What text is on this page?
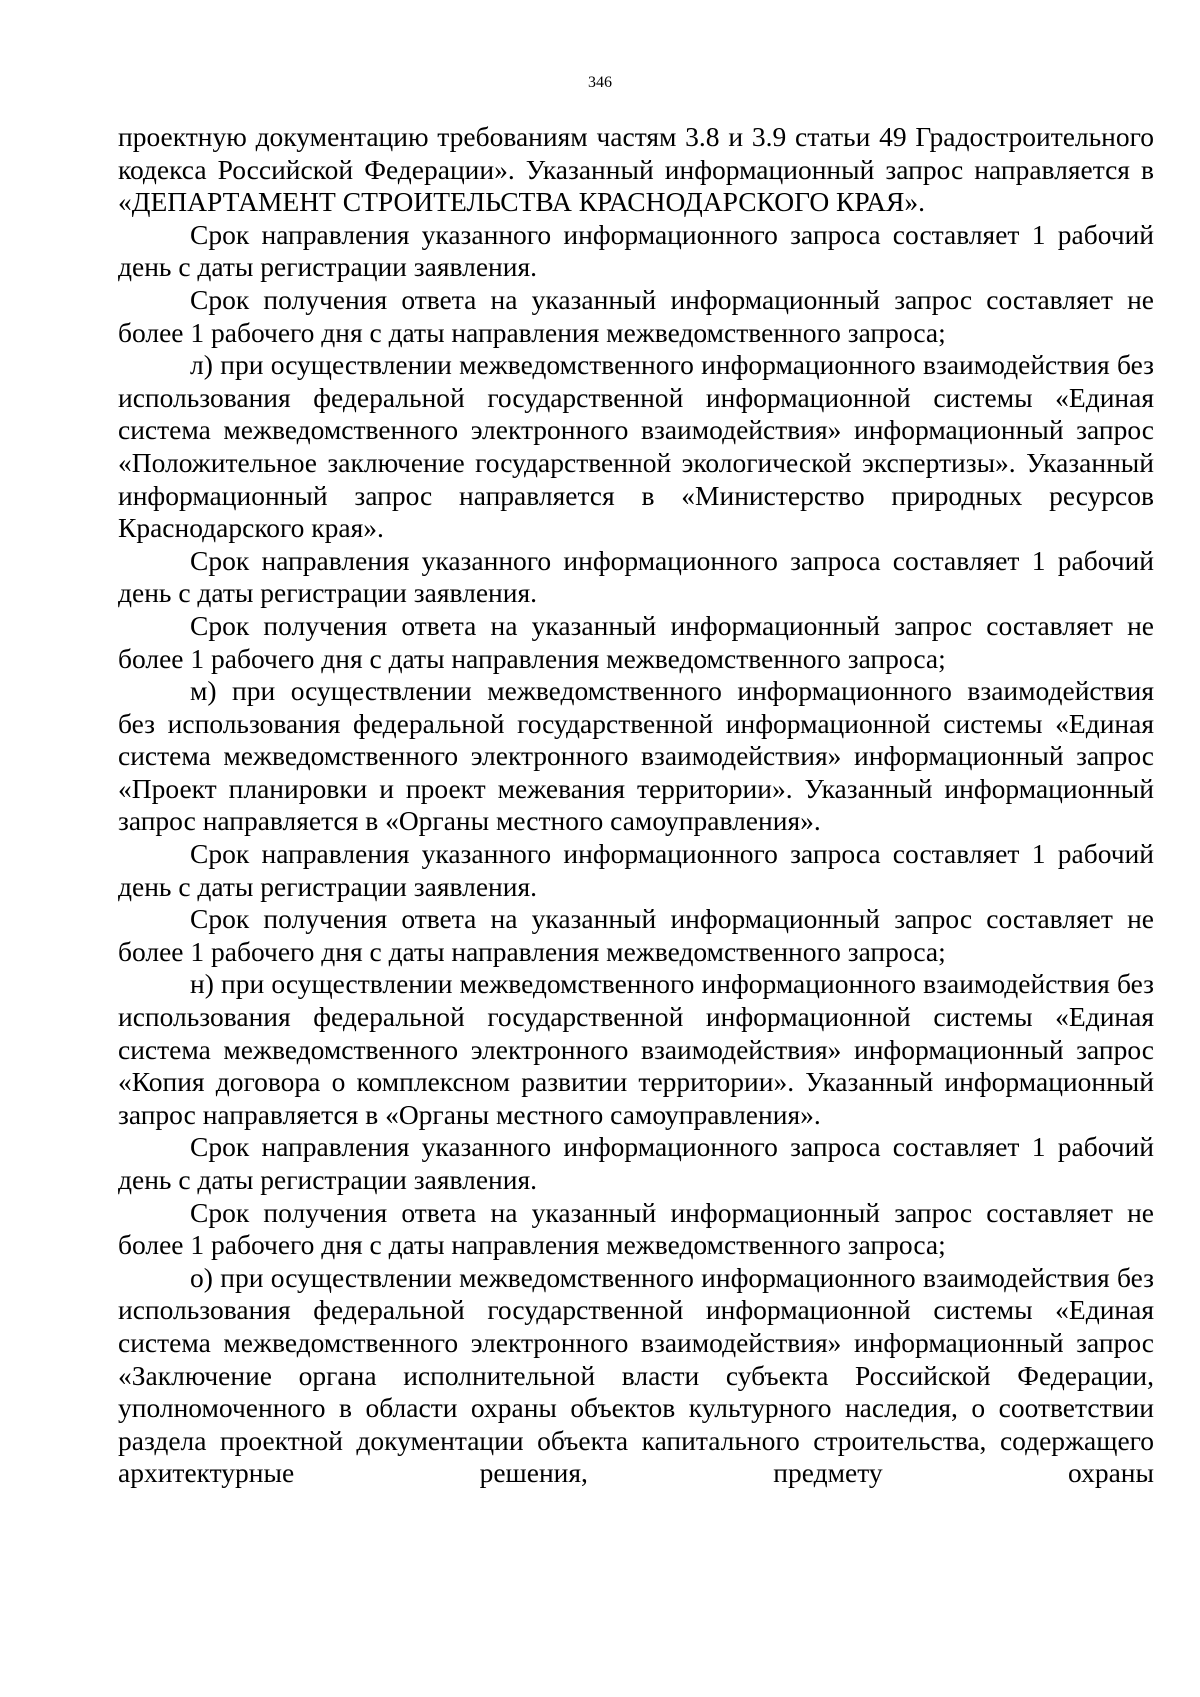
346

проектную документацию требованиям частям 3.8 и 3.9 статьи 49 Градостроительного кодекса Российской Федерации». Указанный информационный запрос направляется в «ДЕПАРТАМЕНТ СТРОИТЕЛЬСТВА КРАСНОДАРСКОГО КРАЯ».

Срок направления указанного информационного запроса составляет 1 рабочий день с даты регистрации заявления.

Срок получения ответа на указанный информационный запрос составляет не более 1 рабочего дня с даты направления межведомственного запроса;

л) при осуществлении межведомственного информационного взаимодействия без использования федеральной государственной информационной системы «Единая система межведомственного электронного взаимодействия» информационный запрос «Положительное заключение государственной экологической экспертизы». Указанный информационный запрос направляется в «Министерство природных ресурсов Краснодарского края».

Срок направления указанного информационного запроса составляет 1 рабочий день с даты регистрации заявления.

Срок получения ответа на указанный информационный запрос составляет не более 1 рабочего дня с даты направления межведомственного запроса;

м) при осуществлении межведомственного информационного взаимодействия без использования федеральной государственной информационной системы «Единая система межведомственного электронного взаимодействия» информационный запрос «Проект планировки и проект межевания территории». Указанный информационный запрос направляется в «Органы местного самоуправления».

Срок направления указанного информационного запроса составляет 1 рабочий день с даты регистрации заявления.

Срок получения ответа на указанный информационный запрос составляет не более 1 рабочего дня с даты направления межведомственного запроса;

н) при осуществлении межведомственного информационного взаимодействия без использования федеральной государственной информационной системы «Единая система межведомственного электронного взаимодействия» информационный запрос «Копия договора о комплексном развитии территории». Указанный информационный запрос направляется в «Органы местного самоуправления».

Срок направления указанного информационного запроса составляет 1 рабочий день с даты регистрации заявления.

Срок получения ответа на указанный информационный запрос составляет не более 1 рабочего дня с даты направления межведомственного запроса;

о) при осуществлении межведомственного информационного взаимодействия без использования федеральной государственной информационной системы «Единая система межведомственного электронного взаимодействия» информационный запрос «Заключение органа исполнительной власти субъекта Российской Федерации, уполномоченного в области охраны объектов культурного наследия, о соответствии раздела проектной документации объекта капитального строительства, содержащего архитектурные решения, предмету охраны
